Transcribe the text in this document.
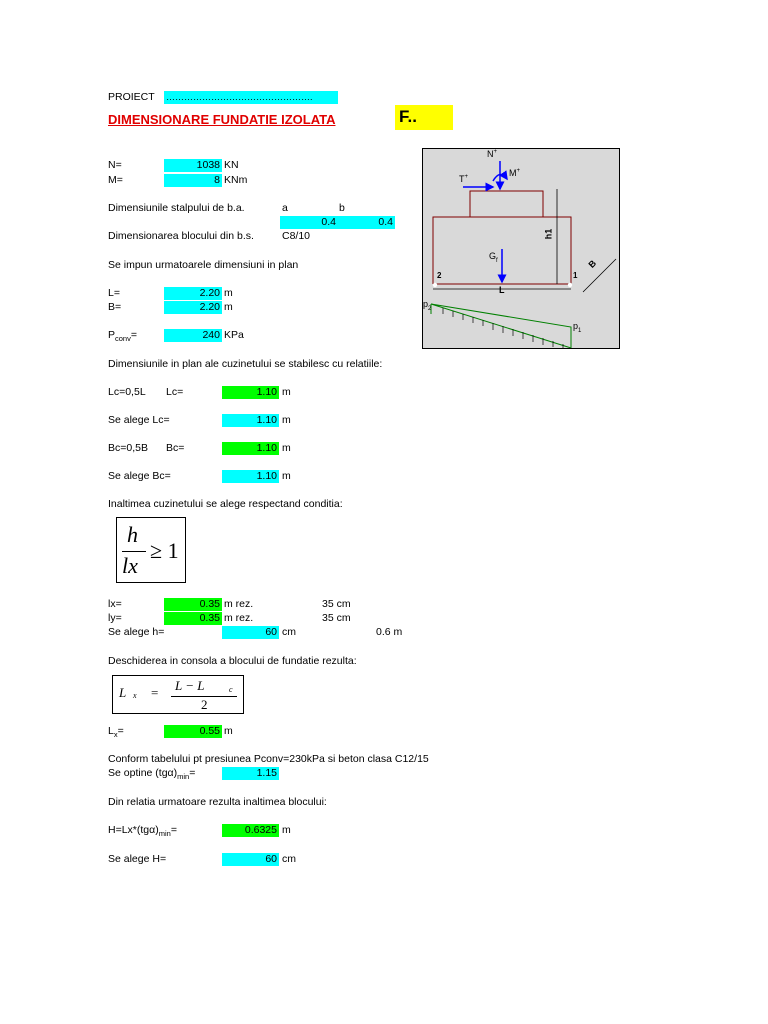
PROIECT ………………………………………….
DIMENSIONARE FUNDATIE IZOLATA	F..
N=	1038 KN
M=	8 KNm
Dimensiunile stalpului de b.a.	a	b
0.4	0.4
Dimensionarea blocului din b.s.	C8/10
Se impun urmatoarele dimensiuni in plan
L=	2.20 m
B=	2.20 m
$P_{conv}=$	240 KPa
Dimensiunile in plan ale cuzinetului se stabilesc cu relatiile:
Lc=0,5L Lc=	1.10 m
Se alege Lc=	1.10 m
Bc=0,5B Bc=	1.10 m
Se alege Bc=	1.10 m
Inaltimea cuzinetului se alege respectand conditia:
h
lx
≥ 1
lx=	0.35 m rez.	35 cm
ly=	0.35 m rez.	35 cm
Se alege h=	60 cm	0.6 m
Deschiderea in consola a blocului de fundatie rezulta:
L x = L − L	c
2
$L_x=$	0.55 m
Conform tabelului pt presiunea Pconv=230kPa si beton clasa C12/15
Se optine $(tg\alpha)_{min}=$	1.15
Din relatia urmatoare rezulta inaltimea blocului:
$H=Lx*(tg\alpha)_{min}=$	0.6325 m
Se alege H=	60 cm
N+
T+	M+
$G_f$
h1
L
B
2	1
$p_2$
$p_1$
